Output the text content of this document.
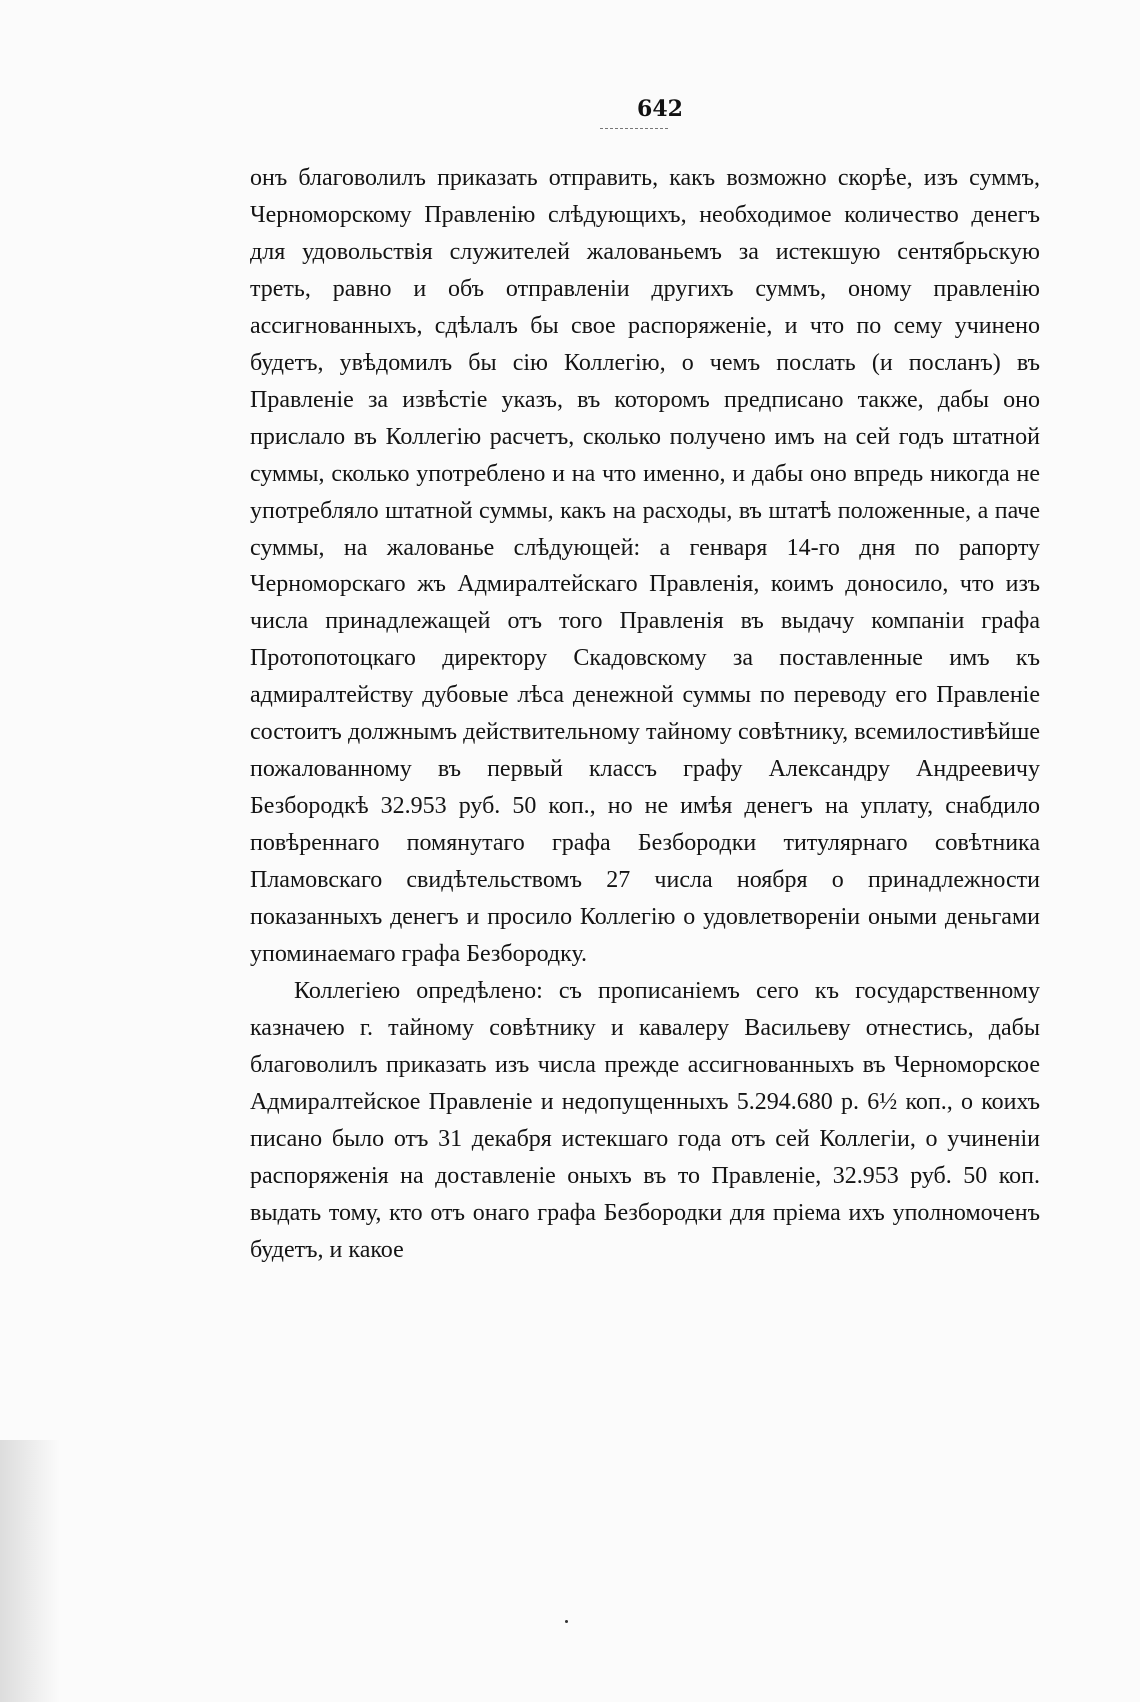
642

онъ благоволилъ приказать отправить, какъ возможно скорѣе, изъ суммъ, Черноморскому Правленію слѣдующихъ, необходимое количество денегъ для удовольствія служителей жалованьемъ за истекшую сентябрьскую треть, равно и объ отправленіи другихъ суммъ, оному правленію ассигнованныхъ, сдѣлалъ бы свое распоряженіе, и что по сему учинено будетъ, увѣдомилъ бы сію Коллегію, о чемъ послать (и посланъ) въ Правленіе за извѣстіе указъ, въ которомъ предписано также, дабы оно прислало въ Коллегію расчетъ, сколько получено имъ на сей годъ штатной суммы, сколько употреблено и на что именно, и дабы оно впредь никогда не употребляло штатной суммы, какъ на расходы, въ штатѣ положенные, а паче суммы, на жалованье слѣдующей: а генваря 14-го дня по рапорту Черноморскаго жъ Адмиралтейскаго Правленія, коимъ доносило, что изъ числа принадлежащей отъ того Правленія въ выдачу компаніи графа Протопотоцкаго директору Скадовскому за поставленные имъ къ адмиралтейству дубовые лѣса денежной суммы по переводу его Правленіе состоитъ должнымъ действительному тайному совѣтнику, всемилостивѣйше пожалованному въ первый классъ графу Александру Андреевичу Безбородкѣ 32.953 руб. 50 коп., но не имѣя денегъ на уплату, снабдило повѣреннаго помянутаго графа Безбородки титулярнаго совѣтника Пламовскаго свидѣтельствомъ 27 числа ноября о принадлежности показанныхъ денегъ и просило Коллегію о удовлетвореніи оными деньгами упоминаемаго графа Безбородку.

Коллегіею опредѣлено: съ прописаніемъ сего къ государственному казначею г. тайному совѣтнику и кавалеру Васильеву отнестись, дабы благоволилъ приказать изъ числа прежде ассигнованныхъ въ Черноморское Адмиралтейское Правленіе и недопущенныхъ 5.294.680 р. 6½ коп., о коихъ писано было отъ 31 декабря истекшаго года отъ сей Коллегіи, о учиненіи распоряженія на доставленіе оныхъ въ то Правленіе, 32.953 руб. 50 коп. выдать тому, кто отъ онаго графа Безбородки для пріема ихъ уполномоченъ будетъ, и какое
